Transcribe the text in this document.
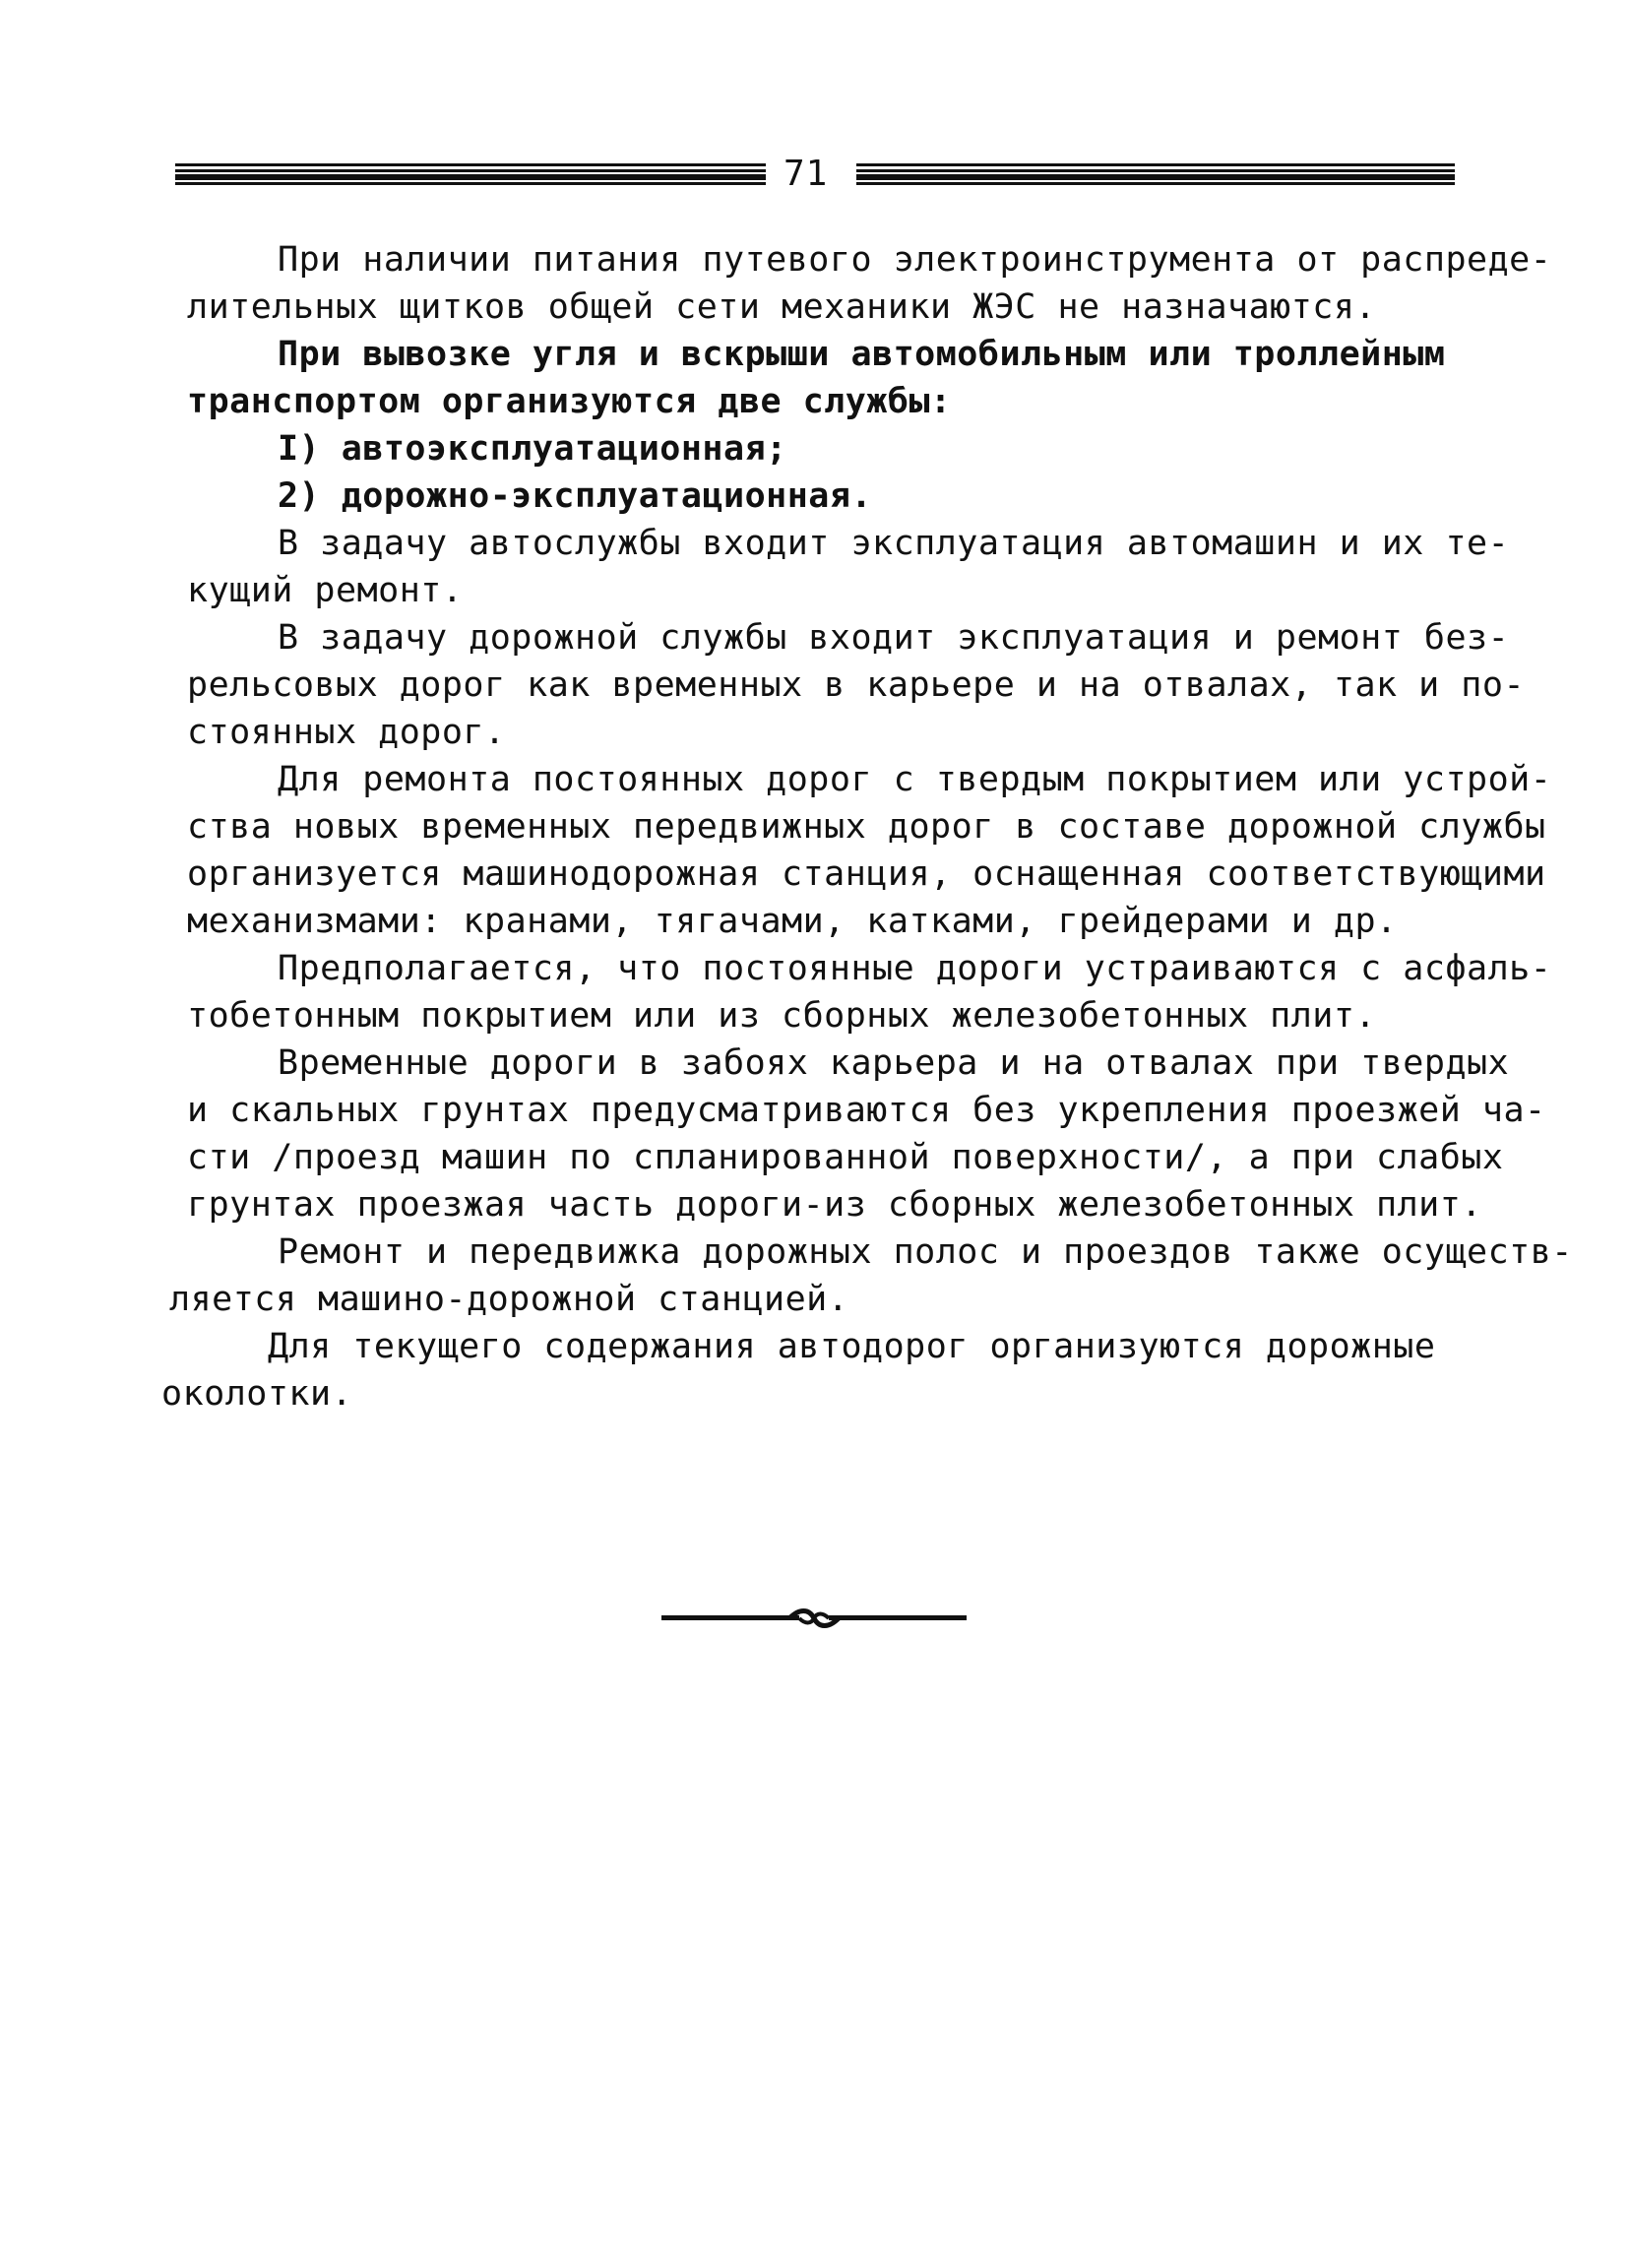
71
При наличии питания путевого электроинструмента от распреде-
лительных щитков общей сети механики ЖЭС не назначаются.
При вывозке угля и вскрыши автомобильным или троллейным
транспортом организуются две службы:
I) автоэксплуатационная;
2) дорожно-эксплуатационная.
В задачу автослужбы входит эксплуатация автомашин и их те-
кущий ремонт.
В задачу дорожной службы входит эксплуатация и ремонт без-
рельсовых дорог как временных в карьере и на отвалах, так и по-
стоянных дорог.
Для ремонта постоянных дорог с твердым покрытием или устрой-
ства новых временных передвижных дорог в составе дорожной службы
организуется машинодорожная станция, оснащенная соответствующими
механизмами: кранами, тягачами, катками, грейдерами и др.
Предполагается, что постоянные дороги устраиваются с асфаль-
тобетонным покрытием или из сборных железобетонных плит.
Временные дороги в забоях карьера и на отвалах при твердых
и скальных грунтах предусматриваются без укрепления проезжей ча-
сти /проезд машин по спланированной поверхности/, а при слабых
грунтах проезжая часть дороги-из сборных железобетонных плит.
Ремонт и передвижка дорожных полос и проездов также осуществ-
ляется машино-дорожной станцией.
Для текущего содержания автодорог организуются дорожные
околотки.
